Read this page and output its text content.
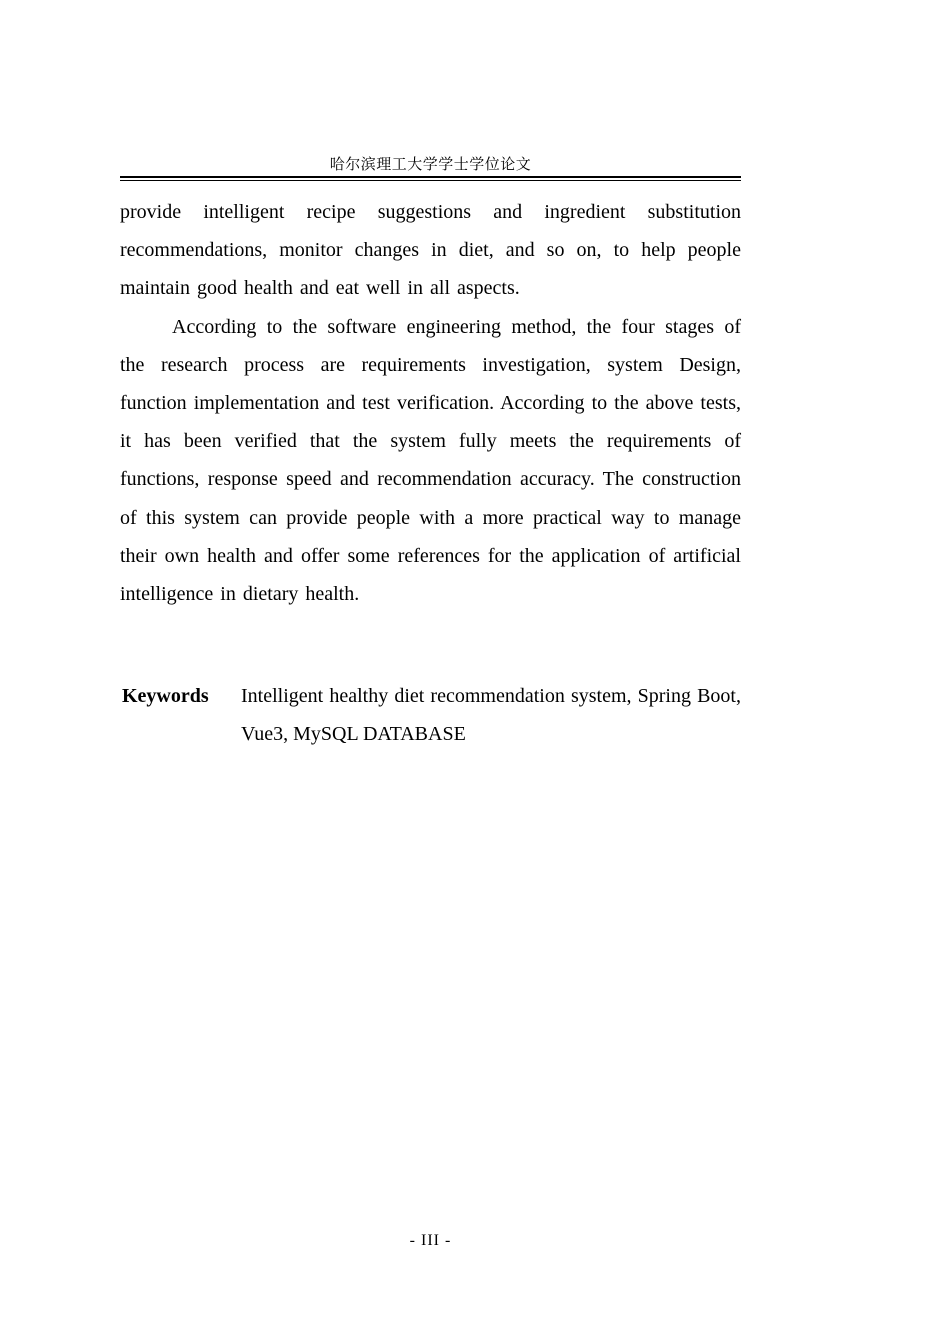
哈尔滨理工大学学士学位论文

provide intelligent recipe suggestions and ingredient substitution recommendations, monitor changes in diet, and so on, to help people maintain good health and eat well in all aspects.

According to the software engineering method, the four stages of the research process are requirements investigation, system Design, function implementation and test verification. According to the above tests, it has been verified that the system fully meets the requirements of functions, response speed and recommendation accuracy. The construction of this system can provide people with a more practical way to manage their own health and offer some references for the application of artificial intelligence in dietary health.

Keywords	Intelligent healthy diet recommendation system, Spring Boot, Vue3, MySQL DATABASE
- III -
